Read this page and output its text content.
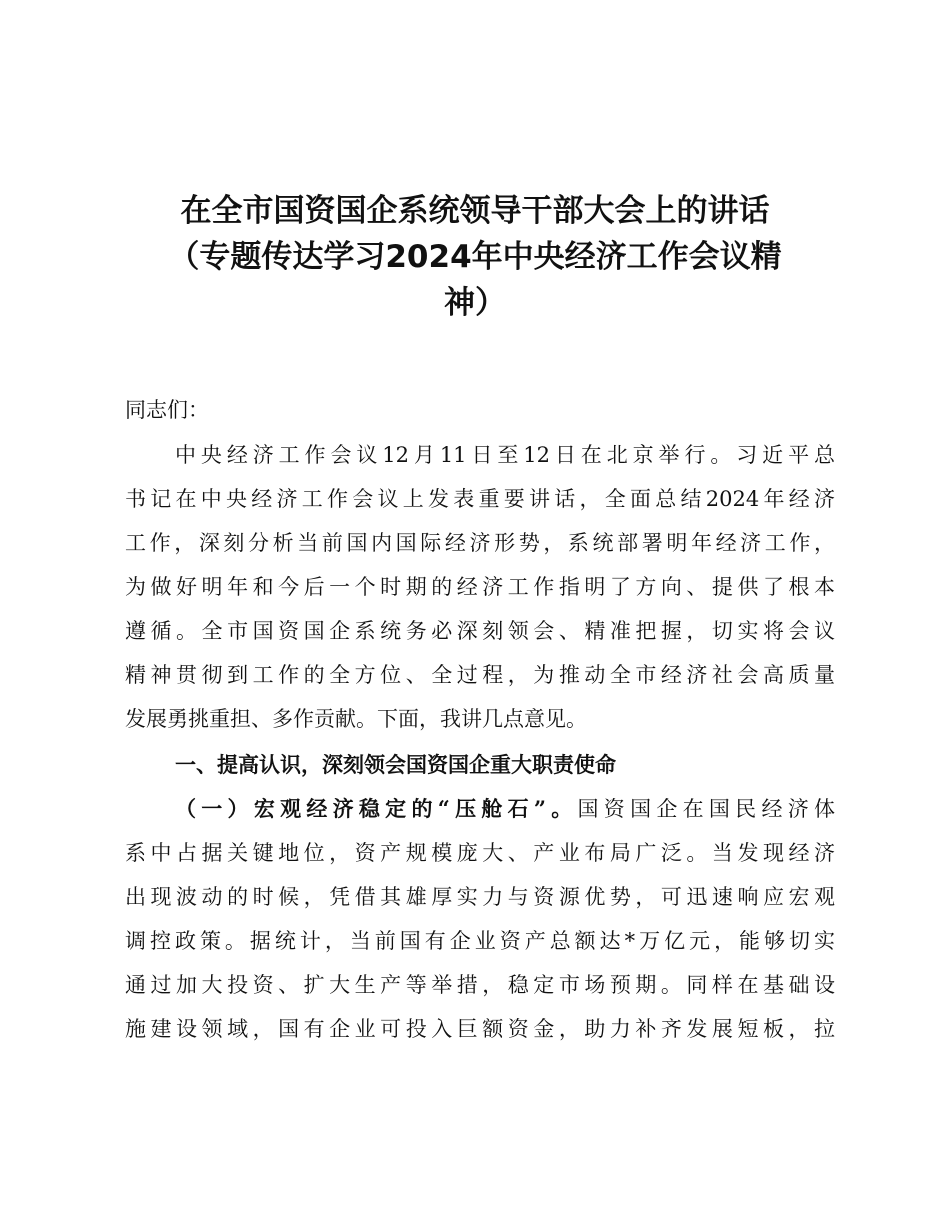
在全市国资国企系统领导干部大会上的讲话
（专题传达学习2024年中央经济工作会议精
神）
同志们：
中央经济工作会议12月11日至12日在北京举行。习近平总
书记在中央经济工作会议上发表重要讲话，全面总结2024年经济
工作，深刻分析当前国内国际经济形势，系统部署明年经济工作，
为做好明年和今后一个时期的经济工作指明了方向、提供了根本
遵循。全市国资国企系统务必深刻领会、精准把握，切实将会议
精神贯彻到工作的全方位、全过程，为推动全市经济社会高质量
发展勇挑重担、多作贡献。下面，我讲几点意见。
一、提高认识，深刻领会国资国企重大职责使命
（一）宏观经济稳定的“压舱石”。国资国企在国民经济体
系中占据关键地位，资产规模庞大、产业布局广泛。当发现经济
出现波动的时候，凭借其雄厚实力与资源优势，可迅速响应宏观
调控政策。据统计，当前国有企业资产总额达*万亿元，能够切实
通过加大投资、扩大生产等举措，稳定市场预期。同样在基础设
施建设领域，国有企业可投入巨额资金，助力补齐发展短板，拉
